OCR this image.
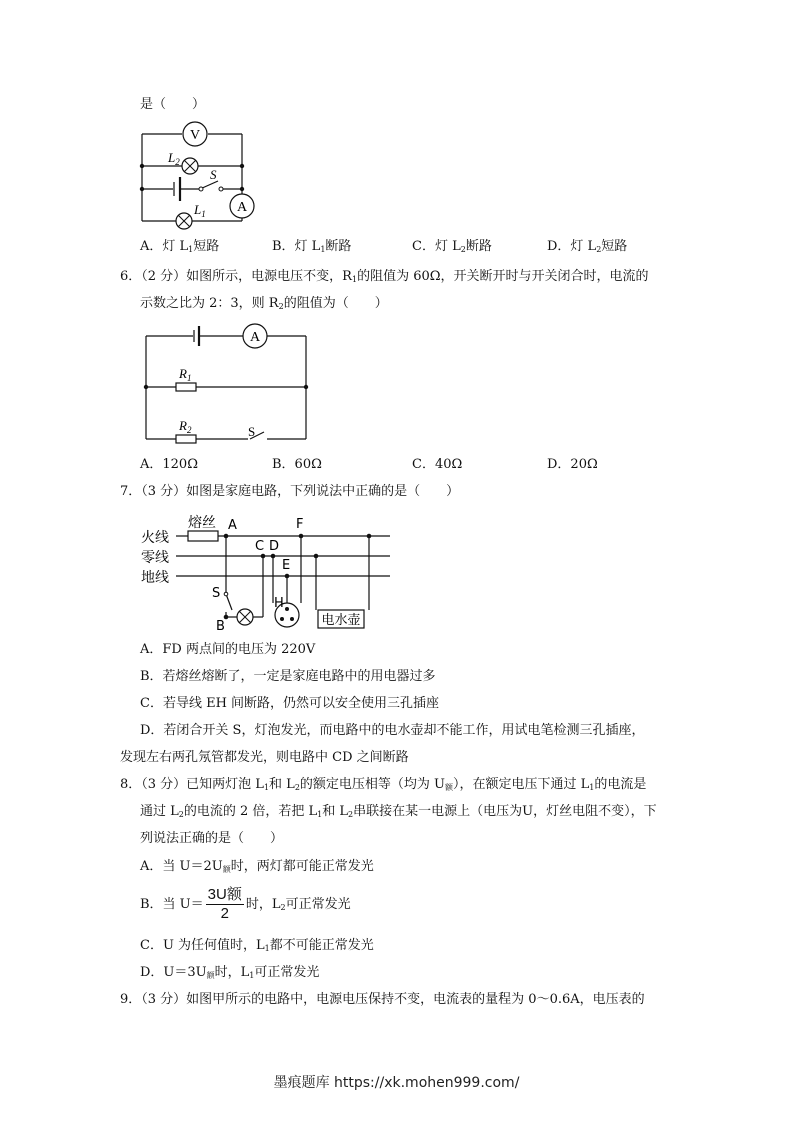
是（　　）
V
A
$L_2$
S
$L_1$
A．灯 $L_1$短路	B．灯 $L_1$断路	C．灯 $L_2$断路	D．灯 $L_2$短路
6．（2 分）如图所示，电源电压不变，$R_1$的阻值为 60Ω，开关断开时与开关闭合时，电流的
示数之比为 2：3，则 $R_2$的阻值为（　　）
A
$R_1$
$R_2$	S
A．120Ω	B．60Ω	C．40Ω	D．20Ω
7．（3 分）如图是家庭电路，下列说法中正确的是（　　）
电水壶
火线
零线
地线
熔丝 A
C D
F
E
H
S
B
A．FD 两点间的电压为 220V
B．若熔丝熔断了，一定是家庭电路中的用电器过多
C．若导线 EH 间断路，仍然可以安全使用三孔插座
D．若闭合开关 S，灯泡发光，而电路中的电水壶却不能工作，用试电笔检测三孔插座，
发现左右两孔氖管都发光，则电路中 CD 之间断路
8．（3 分）已知两灯泡 $L_1$和 $L_2$的额定电压相等（均为 $U_额$），在额定电压下通过 $L_1$的电流是
通过 $L_2$的电流的 2 倍，若把 $L_1$和 $L_2$串联接在某一电源上（电压为U，灯丝电阻不变），下
列说法正确的是（　　）
A．当 $U=2U_额$时，两灯都可能正常发光
B．当 $U= \frac{\text{3U额}}{2}$ 时，$L_2$可正常发光
C．U 为任何值时，$L_1$都不可能正常发光
D．$U=3U_额$时，$L_1$可正常发光
9．（3 分）如图甲所示的电路中，电源电压保持不变，电流表的量程为 0～0.6A，电压表的
墨痕题库 https://xk.mohen999.com/
